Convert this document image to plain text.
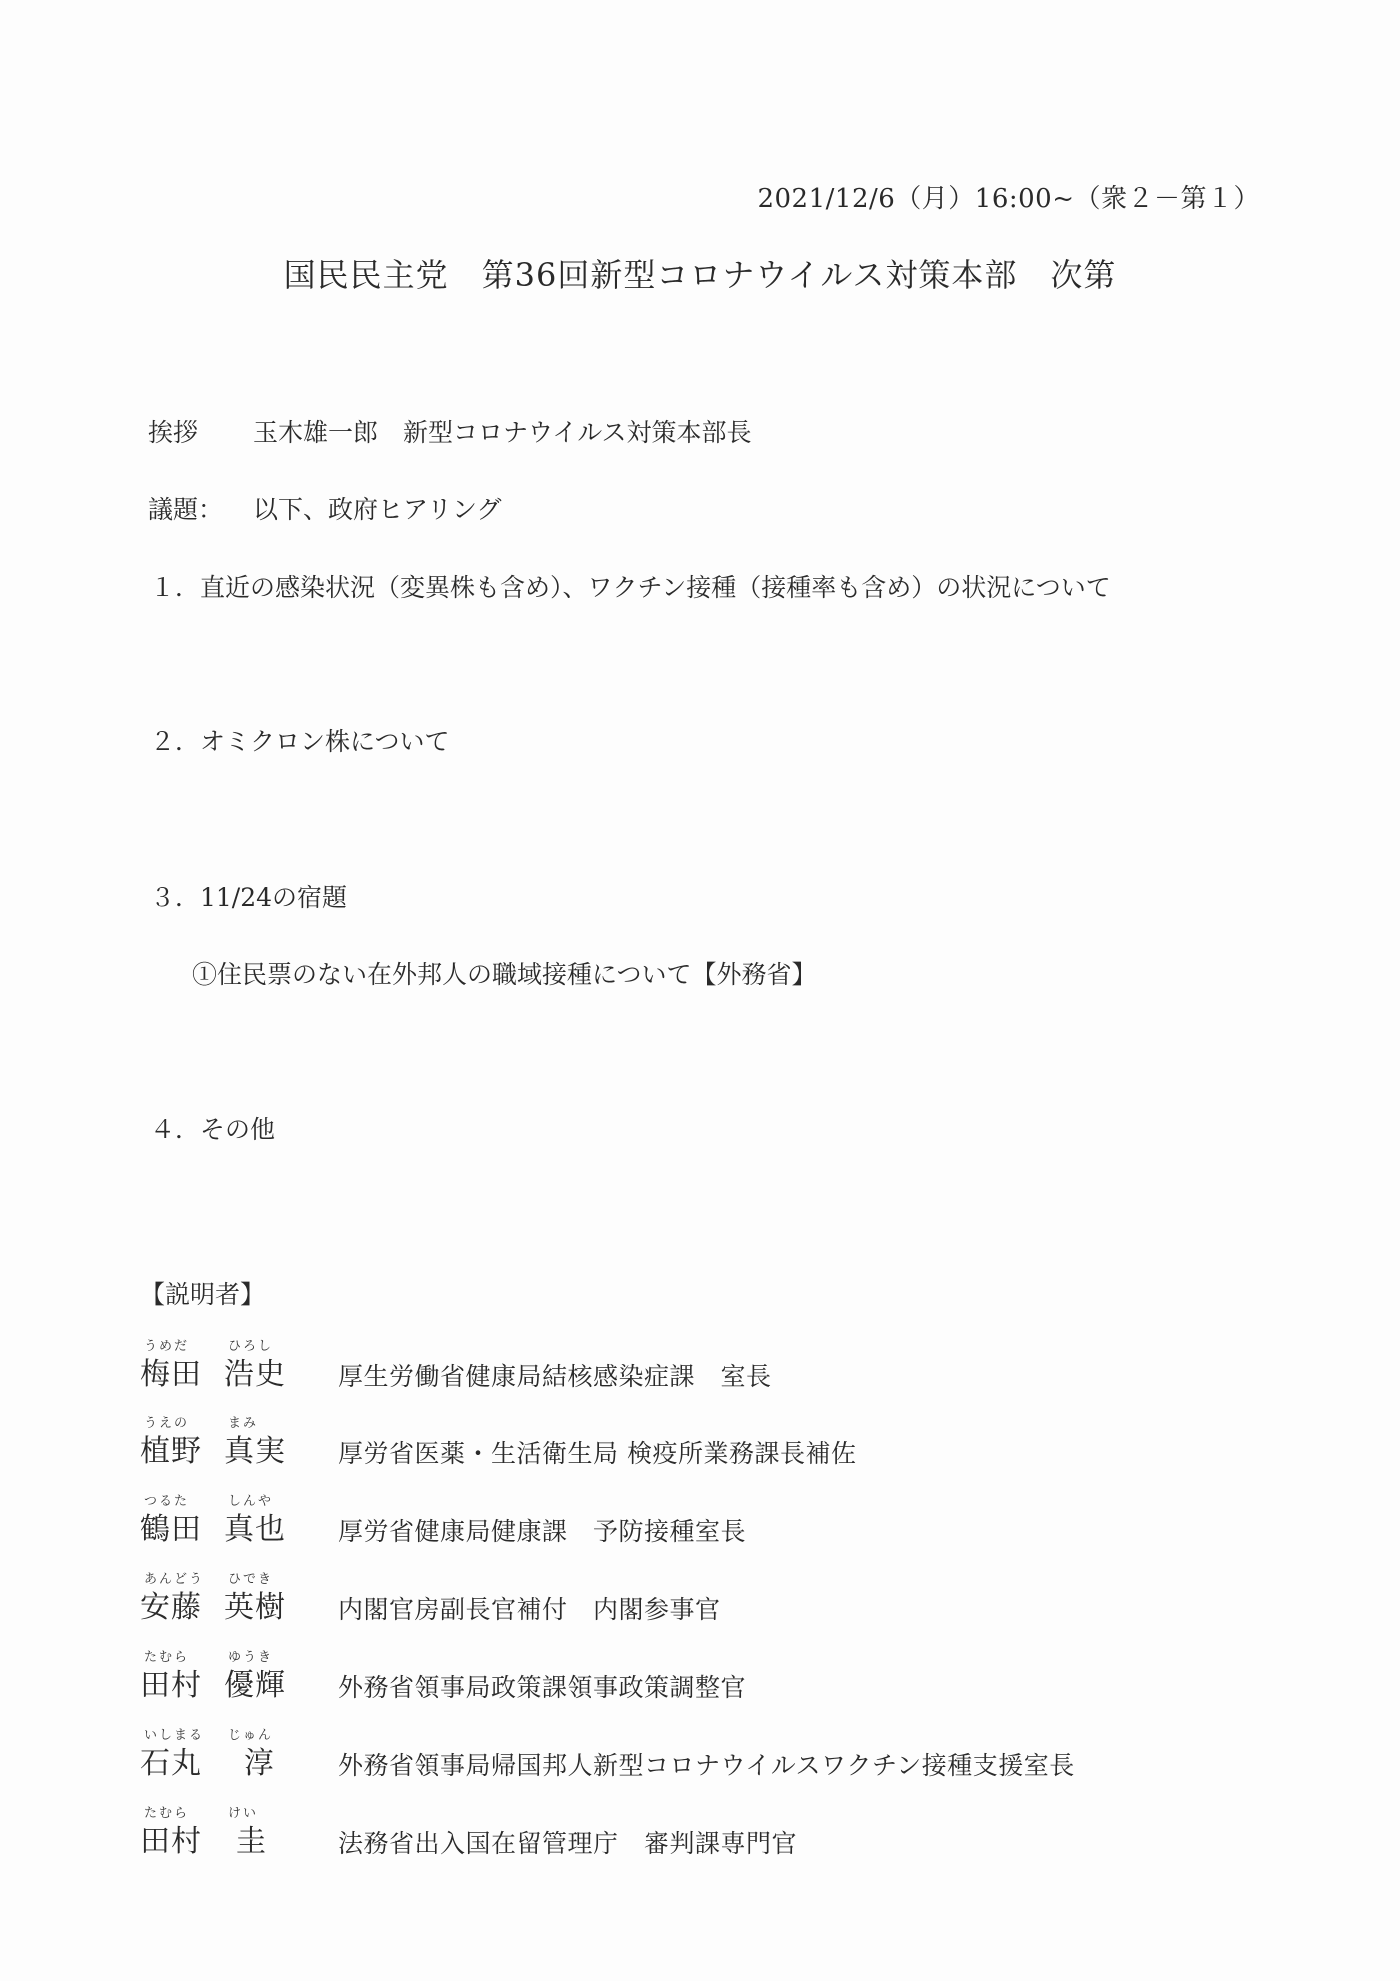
2021/12/6（月）16:00~（衆２－第１）
国民民主党　第36回新型コロナウイルス対策本部　次第
挨拶 玉木雄一郎　新型コロナウイルス対策本部長
議題： 以下、政府ヒアリング
１．直近の感染状況（変異株も含め）、ワクチン接種（接種率も含め）の状況について
２．オミクロン株について
３．11/24の宿題
①住民票のない在外邦人の職域接種について【外務省】
４．その他
【説明者】
うめだ	ひろし
梅田 浩史 厚生労働省健康局結核感染症課　室長
うえの	まみ
植野 真実 厚労省医薬・生活衛生局 検疫所業務課長補佐
つるた	しんや
鶴田 真也 厚労省健康局健康課　予防接種室長
あんどう ひでき
安藤 英樹 内閣官房副長官補付　内閣参事官
たむら	ゆうき
田村 優輝 外務省領事局政策課領事政策調整官
いしまる じゅん
石丸 淳	外務省領事局帰国邦人新型コロナウイルスワクチン接種支援室長
たむら	けい
田村 圭	法務省出入国在留管理庁　審判課専門官
